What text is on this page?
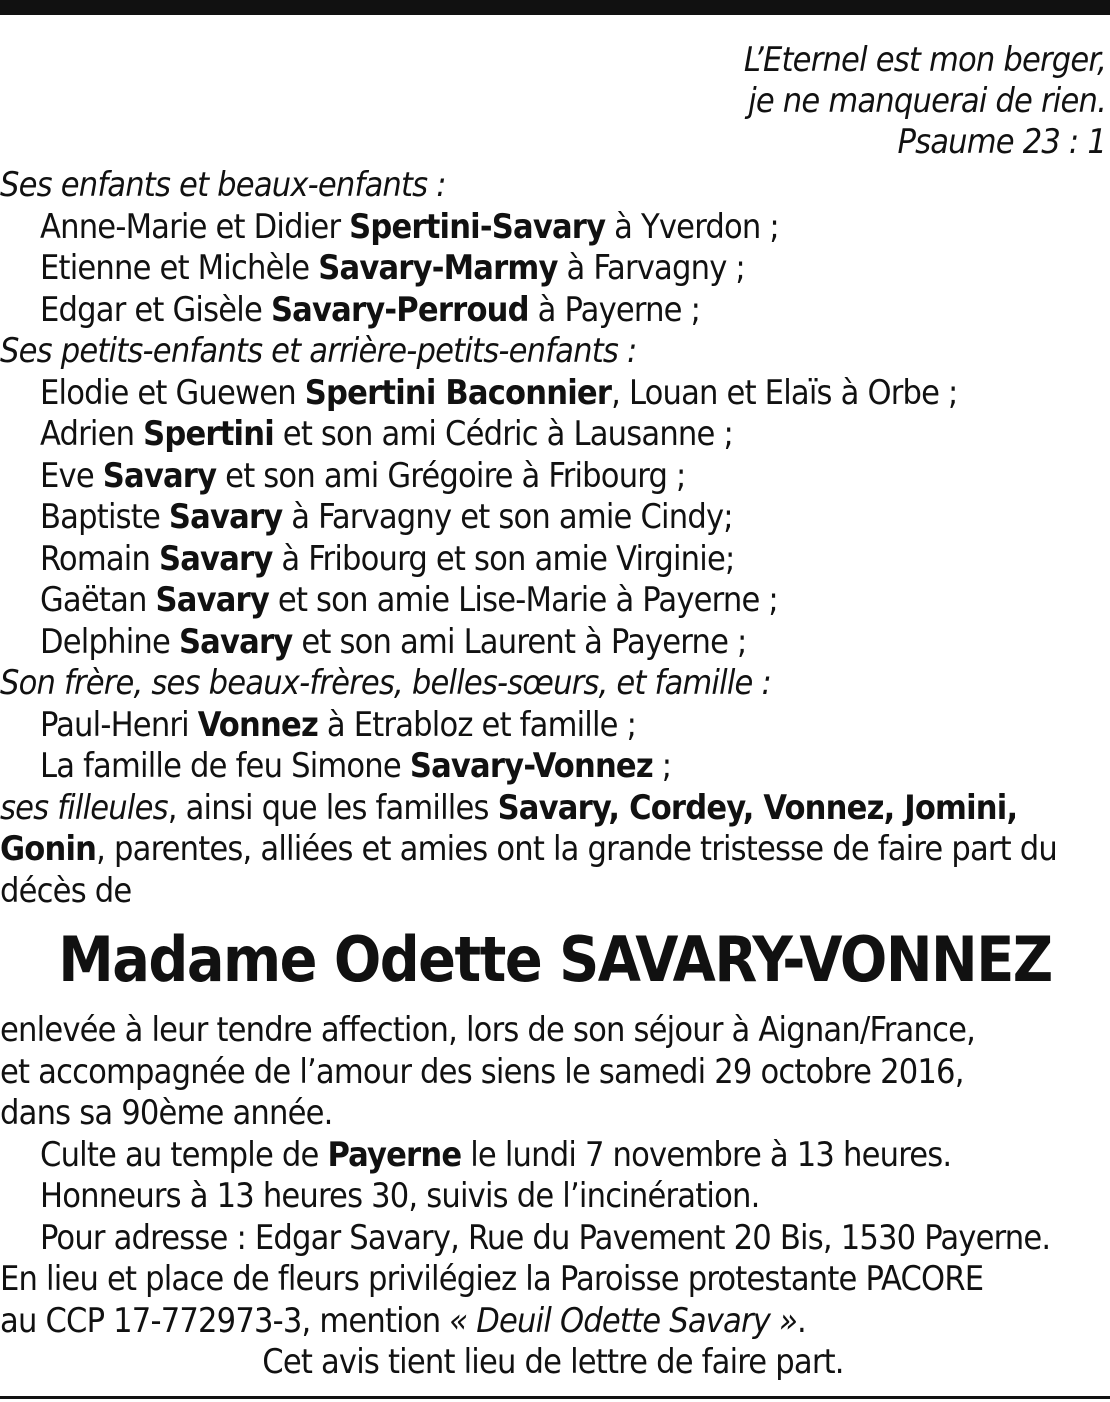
L’Eternel est mon berger,
je ne manquerai de rien.
Psaume 23 : 1
Ses enfants et beaux-enfants :
Anne-Marie et Didier Spertini-Savary à Yverdon ;
Etienne et Michèle Savary-Marmy à Farvagny ;
Edgar et Gisèle Savary-Perroud à Payerne ;
Ses petits-enfants et arrière-petits-enfants :
Elodie et Guewen Spertini Baconnier, Louan et Elaïs à Orbe ;
Adrien Spertini et son ami Cédric à Lausanne ;
Eve Savary et son ami Grégoire à Fribourg ;
Baptiste Savary à Farvagny et son amie Cindy;
Romain Savary à Fribourg et son amie Virginie;
Gaëtan Savary et son amie Lise-Marie à Payerne ;
Delphine Savary et son ami Laurent à Payerne ;
Son frère, ses beaux-frères, belles-sœurs, et famille :
Paul-Henri Vonnez à Etrabloz et famille ;
La famille de feu Simone Savary-Vonnez ;
ses filleules, ainsi que les familles Savary, Cordey, Vonnez, Jomini,
Gonin, parentes, alliées et amies ont la grande tristesse de faire part du
décès de
Madame Odette SAVARY-VONNEZ
enlevée à leur tendre affection, lors de son séjour à Aignan/France,
et accompagnée de l’amour des siens le samedi 29 octobre 2016,
dans sa 90ème année.
Culte au temple de Payerne le lundi 7 novembre à 13 heures.
Honneurs à 13 heures 30, suivis de l’incinération.
Pour adresse : Edgar Savary, Rue du Pavement 20 Bis, 1530 Payerne.
En lieu et place de fleurs privilégiez la Paroisse protestante PACORE
au CCP 17-772973-3, mention « Deuil Odette Savary ».
Cet avis tient lieu de lettre de faire part.
